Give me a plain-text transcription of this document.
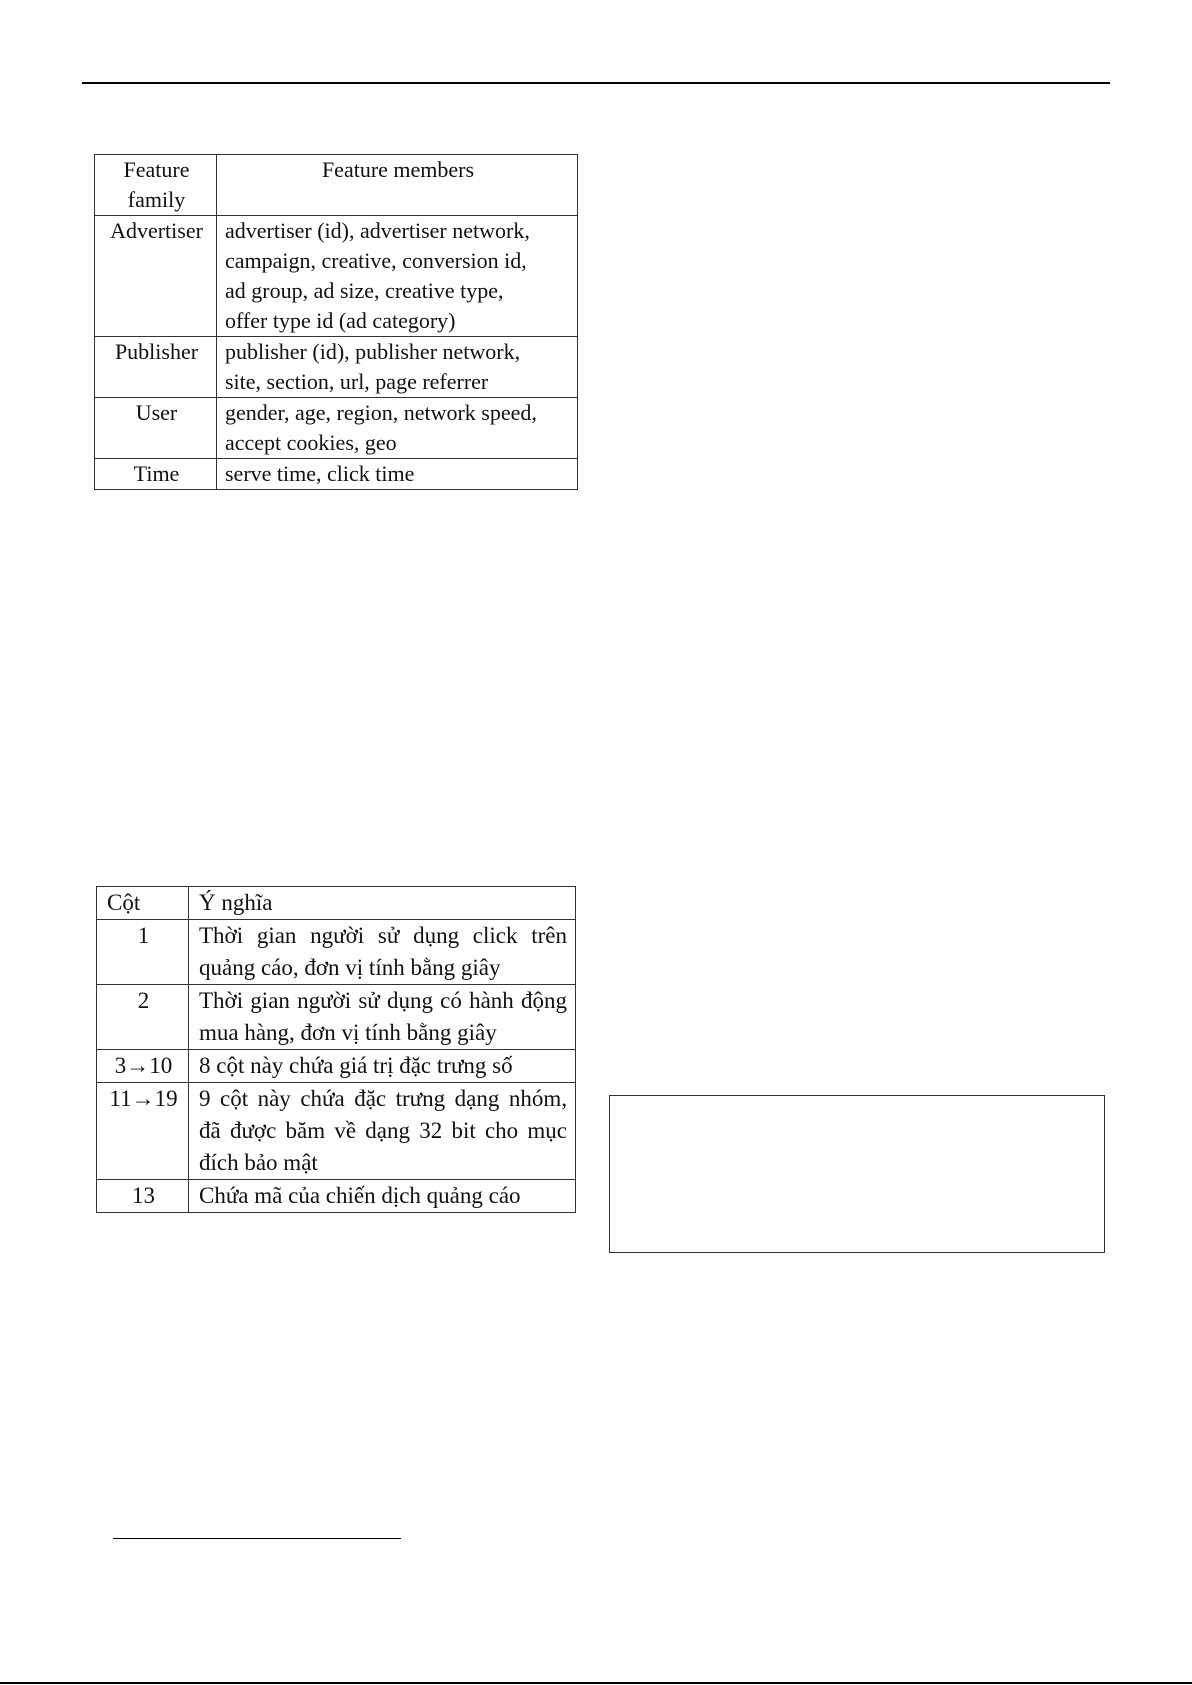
Feature family	Feature members
Advertiser	advertiser (id), advertiser network,
campaign, creative, conversion id,
ad group, ad size, creative type,
offer type id (ad category)
Publisher	publisher (id), publisher network,
site, section, url, page referrer
User	gender, age, region, network speed,
accept cookies, geo
Time	serve time, click time
Cột	Ý nghĩa
1	Thời gian người sử dụng click trên quảng cáo, đơn vị tính bằng giây
2	Thời gian người sử dụng có hành động mua hàng, đơn vị tính bằng giây
3→10	8 cột này chứa giá trị đặc trưng số
11→19	9 cột này chứa đặc trưng dạng nhóm, đã được băm về dạng 32 bit cho mục đích bảo mật
13	Chứa mã của chiến dịch quảng cáo
